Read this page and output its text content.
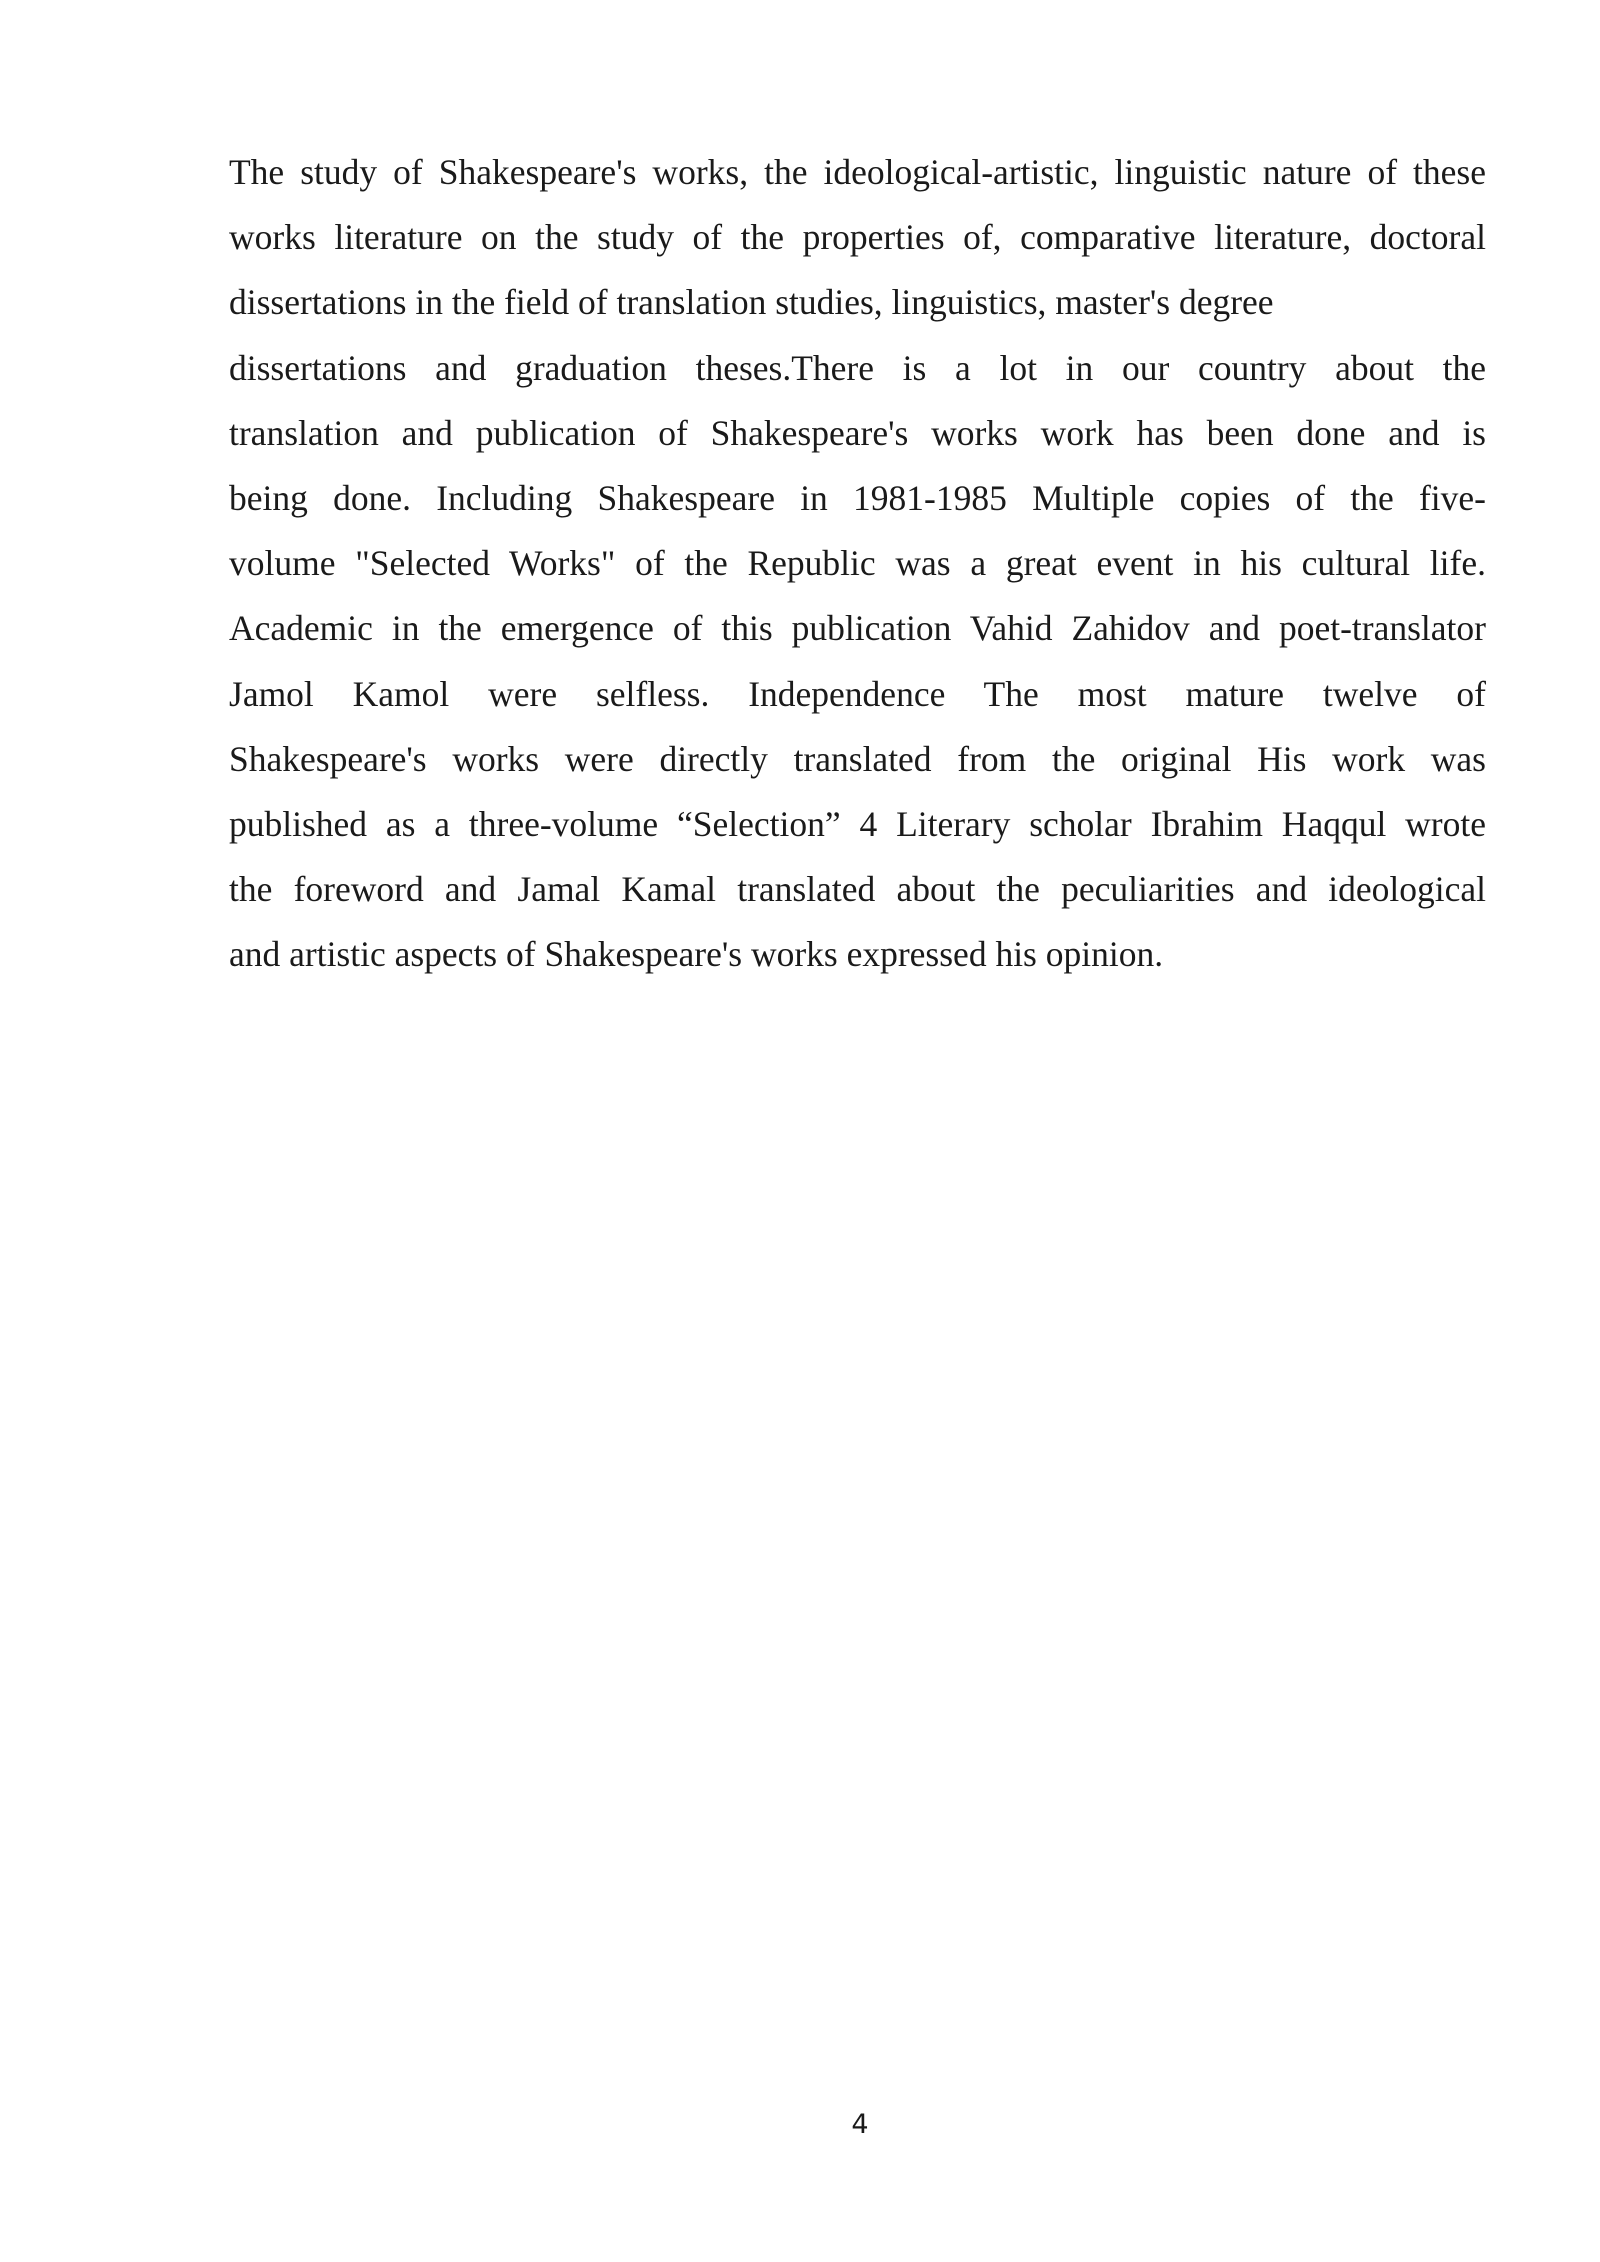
The study of Shakespeare's works, the ideological-artistic, linguistic nature of these
works literature on the study of the properties of, comparative literature, doctoral
dissertations in the field of translation studies, linguistics, master's degree
dissertations and graduation theses.There is a lot in our country about the
translation and publication of Shakespeare's works work has been done and is
being done. Including Shakespeare in 1981-1985 Multiple copies of the five-
volume "Selected Works" of the Republic was a great event in his cultural life.
Academic in the emergence of this publication Vahid Zahidov and poet-translator
Jamol Kamol were selfless. Independence The most mature twelve of
Shakespeare's works were directly translated from the original His work was
published as a three-volume “Selection” 4 Literary scholar Ibrahim Haqqul wrote
the foreword and Jamal Kamal translated about the peculiarities and ideological
and artistic aspects of Shakespeare's works expressed his opinion.
4
